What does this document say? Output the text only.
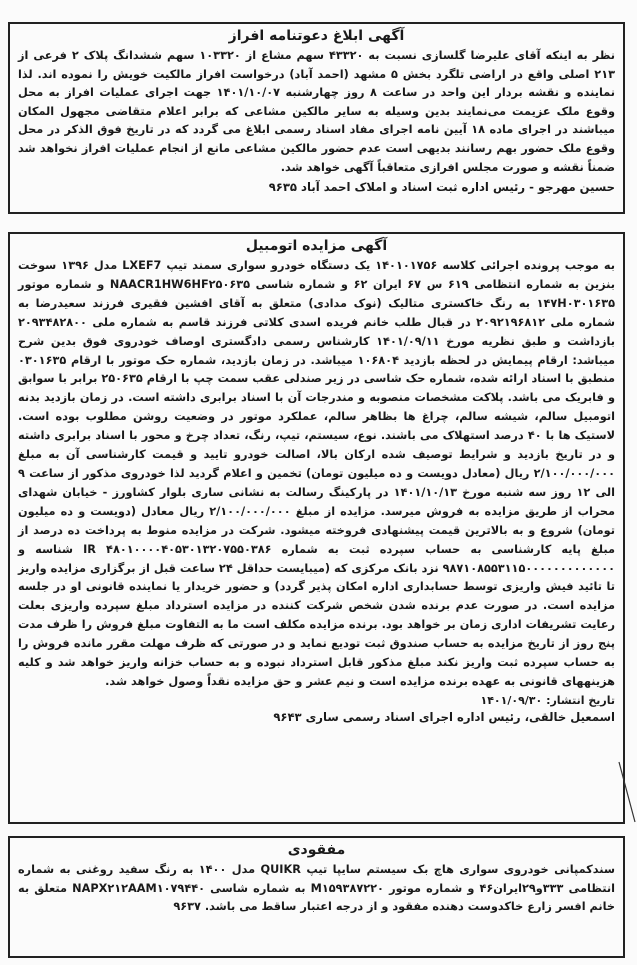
آگهی ابلاغ دعوتنامه افراز

نظر به اینکه آقای علیرضا گلسازی نسبت به ۴۳۳۲۰ سهم مشاع از ۱۰۳۳۲۰ سهم ششدانگ پلاک ۲ فرعی از ۲۱۳ اصلی واقع در اراضی تلگرد بخش ۵ مشهد (احمد آباد) درخواست افراز مالکیت خویش را نموده اند. لذا نماینده و نقشه بردار این واحد در ساعت ۸ روز چهارشنبه ۱۴۰۱/۱۰/۰۷ جهت اجرای عملیات افراز به محل وقوع ملک عزیمت می‌نمایند بدین وسیله به سایر مالکین مشاعی که برابر اعلام متقاضی مجهول المکان میباشند در اجرای ماده ۱۸ آیین نامه اجرای مفاد اسناد رسمی ابلاغ می گردد که در تاریخ فوق الذکر در محل وقوع ملک حضور بهم رسانند بدیهی است عدم حضور مالکین مشاعی مانع از انجام عملیات افراز نخواهد شد ضمناً نقشه و صورت مجلس افرازی متعاقباً آگهی خواهد شد.

حسین مهرجو - رئیس اداره ثبت اسناد و املاک احمد آباد ۹۶۳۵
آگهی مزایده اتومبیل

به موجب پرونده اجرائی کلاسه ۱۴۰۱۰۱۷۵۶ یک دستگاه خودرو سواری سمند تیپ LXEF7 مدل ۱۳۹۶ سوخت بنزین به شماره انتظامی ۶۱۹ س ۶۷ ایران ۶۲ و شماره شاسی NAACR1HW6HF۲۵۰۶۳۵ و شماره موتور ۱۴۷H۰۳۰۱۶۳۵ به رنگ خاکستری متالیک (نوک مدادی) متعلق به آقای افشین فقیری فرزند سعیدرضا به شماره ملی ۲۰۹۲۱۹۶۸۱۲ در قبال طلب خانم فریده اسدی کلاتی فرزند قاسم به شماره ملی ۲۰۹۳۴۸۲۸۰۰ بازداشت و طبق نظریه مورخ ۱۴۰۱/۰۹/۱۱ کارشناس رسمی دادگستری اوصاف خودروی فوق بدین شرح میباشد: ارقام پیمایش در لحظه بازدید ۱۰۶۸۰۴ میباشد. در زمان بازدید، شماره حک موتور با ارقام ۰۳۰۱۶۳۵ منطبق با اسناد ارائه شده، شماره حک شاسی در زیر صندلی عقب سمت چپ با ارقام ۲۵۰۶۳۵ برابر با سوابق و فابریک می باشد. پلاکت مشخصات منصوبه و مندرجات آن با اسناد برابری داشته است. در زمان بازدید بدنه اتومبیل سالم، شیشه سالم، چراغ ها بظاهر سالم، عملکرد موتور در وضعیت روشن مطلوب بوده است. لاستیک ها با ۴۰ درصد استهلاک می باشند. نوع، سیستم، تیپ، رنگ، تعداد چرخ و محور با اسناد برابری داشته و در تاریخ بازدید و شرایط توصیف شده ارکان بالا، اصالت خودرو تایید و قیمت کارشناسی آن به مبلغ ۲/۱۰۰/۰۰۰/۰۰۰ ریال (معادل دویست و ده میلیون تومان) تخمین و اعلام گردید لذا خودروی مذکور از ساعت ۹ الی ۱۲ روز سه شنبه مورخ ۱۴۰۱/۱۰/۱۳ در پارکینگ رسالت به نشانی ساری بلوار کشاورز - خیابان شهدای محراب از طریق مزایده به فروش میرسد. مزایده از مبلغ ۲/۱۰۰/۰۰۰/۰۰۰ ریال معادل (دویست و ده میلیون تومان) شروع و به بالاترین قیمت پیشنهادی فروخته میشود. شرکت در مزایده منوط به پرداخت ده درصد از مبلغ پایه کارشناسی به حساب سپرده ثبت به شماره IR ۴۸۰۱۰۰۰۰۴۰۵۳۰۱۳۲۰۷۵۵۰۳۸۶ شناسه و ۹۸۷۱۰۸۵۵۳۱۱۵۰۰۰۰۰۰۰۰۰۰۰۰۰ نزد بانک مرکزی که (میبایست حداقل ۲۴ ساعت قبل از برگزاری مزایده واریز تا تائید فیش واریزی توسط حسابداری اداره امکان پذیر گردد) و حضور خریدار یا نماینده قانونی او در جلسه مزایده است. در صورت عدم برنده شدن شخص شرکت کننده در مزایده استرداد مبلغ سپرده واریزی بعلت رعایت تشریفات اداری زمان بر خواهد بود. برنده مزایده مکلف است ما به التفاوت مبلغ فروش را ظرف مدت پنج روز از تاریخ مزایده به حساب صندوق ثبت تودیع نماید و در صورتی که ظرف مهلت مقرر مانده فروش را به حساب سپرده ثبت واریز نکند مبلغ مذکور قابل استرداد نبوده و به حساب خزانه واریز خواهد شد و کلیه هزینههای قانونی به عهده برنده مزایده است و نیم عشر و حق مزایده نقداً وصول خواهد شد.

تاریخ انتشار: ۱۴۰۱/۰۹/۳۰
اسمعیل خالقی، رئیس اداره اجرای اسناد رسمی ساری ۹۶۴۳
مفقودی

سندکمپانی خودروی سواری هاچ بک سیستم سایپا تیپ QUIKR مدل ۱۴۰۰ به رنگ سفید روغنی به شماره انتظامی ۳۳۳و۲۹ایران۴۶ و شماره موتور M۱۵۹۳۸۷۲۲۰ به شماره شاسی NAPX۲۱۲AAM۱۰۷۹۴۴۰ متعلق به خانم افسر زارع خاکدوست دهنده مفقود و از درجه اعتبار ساقط می باشد. ۹۶۳۷
